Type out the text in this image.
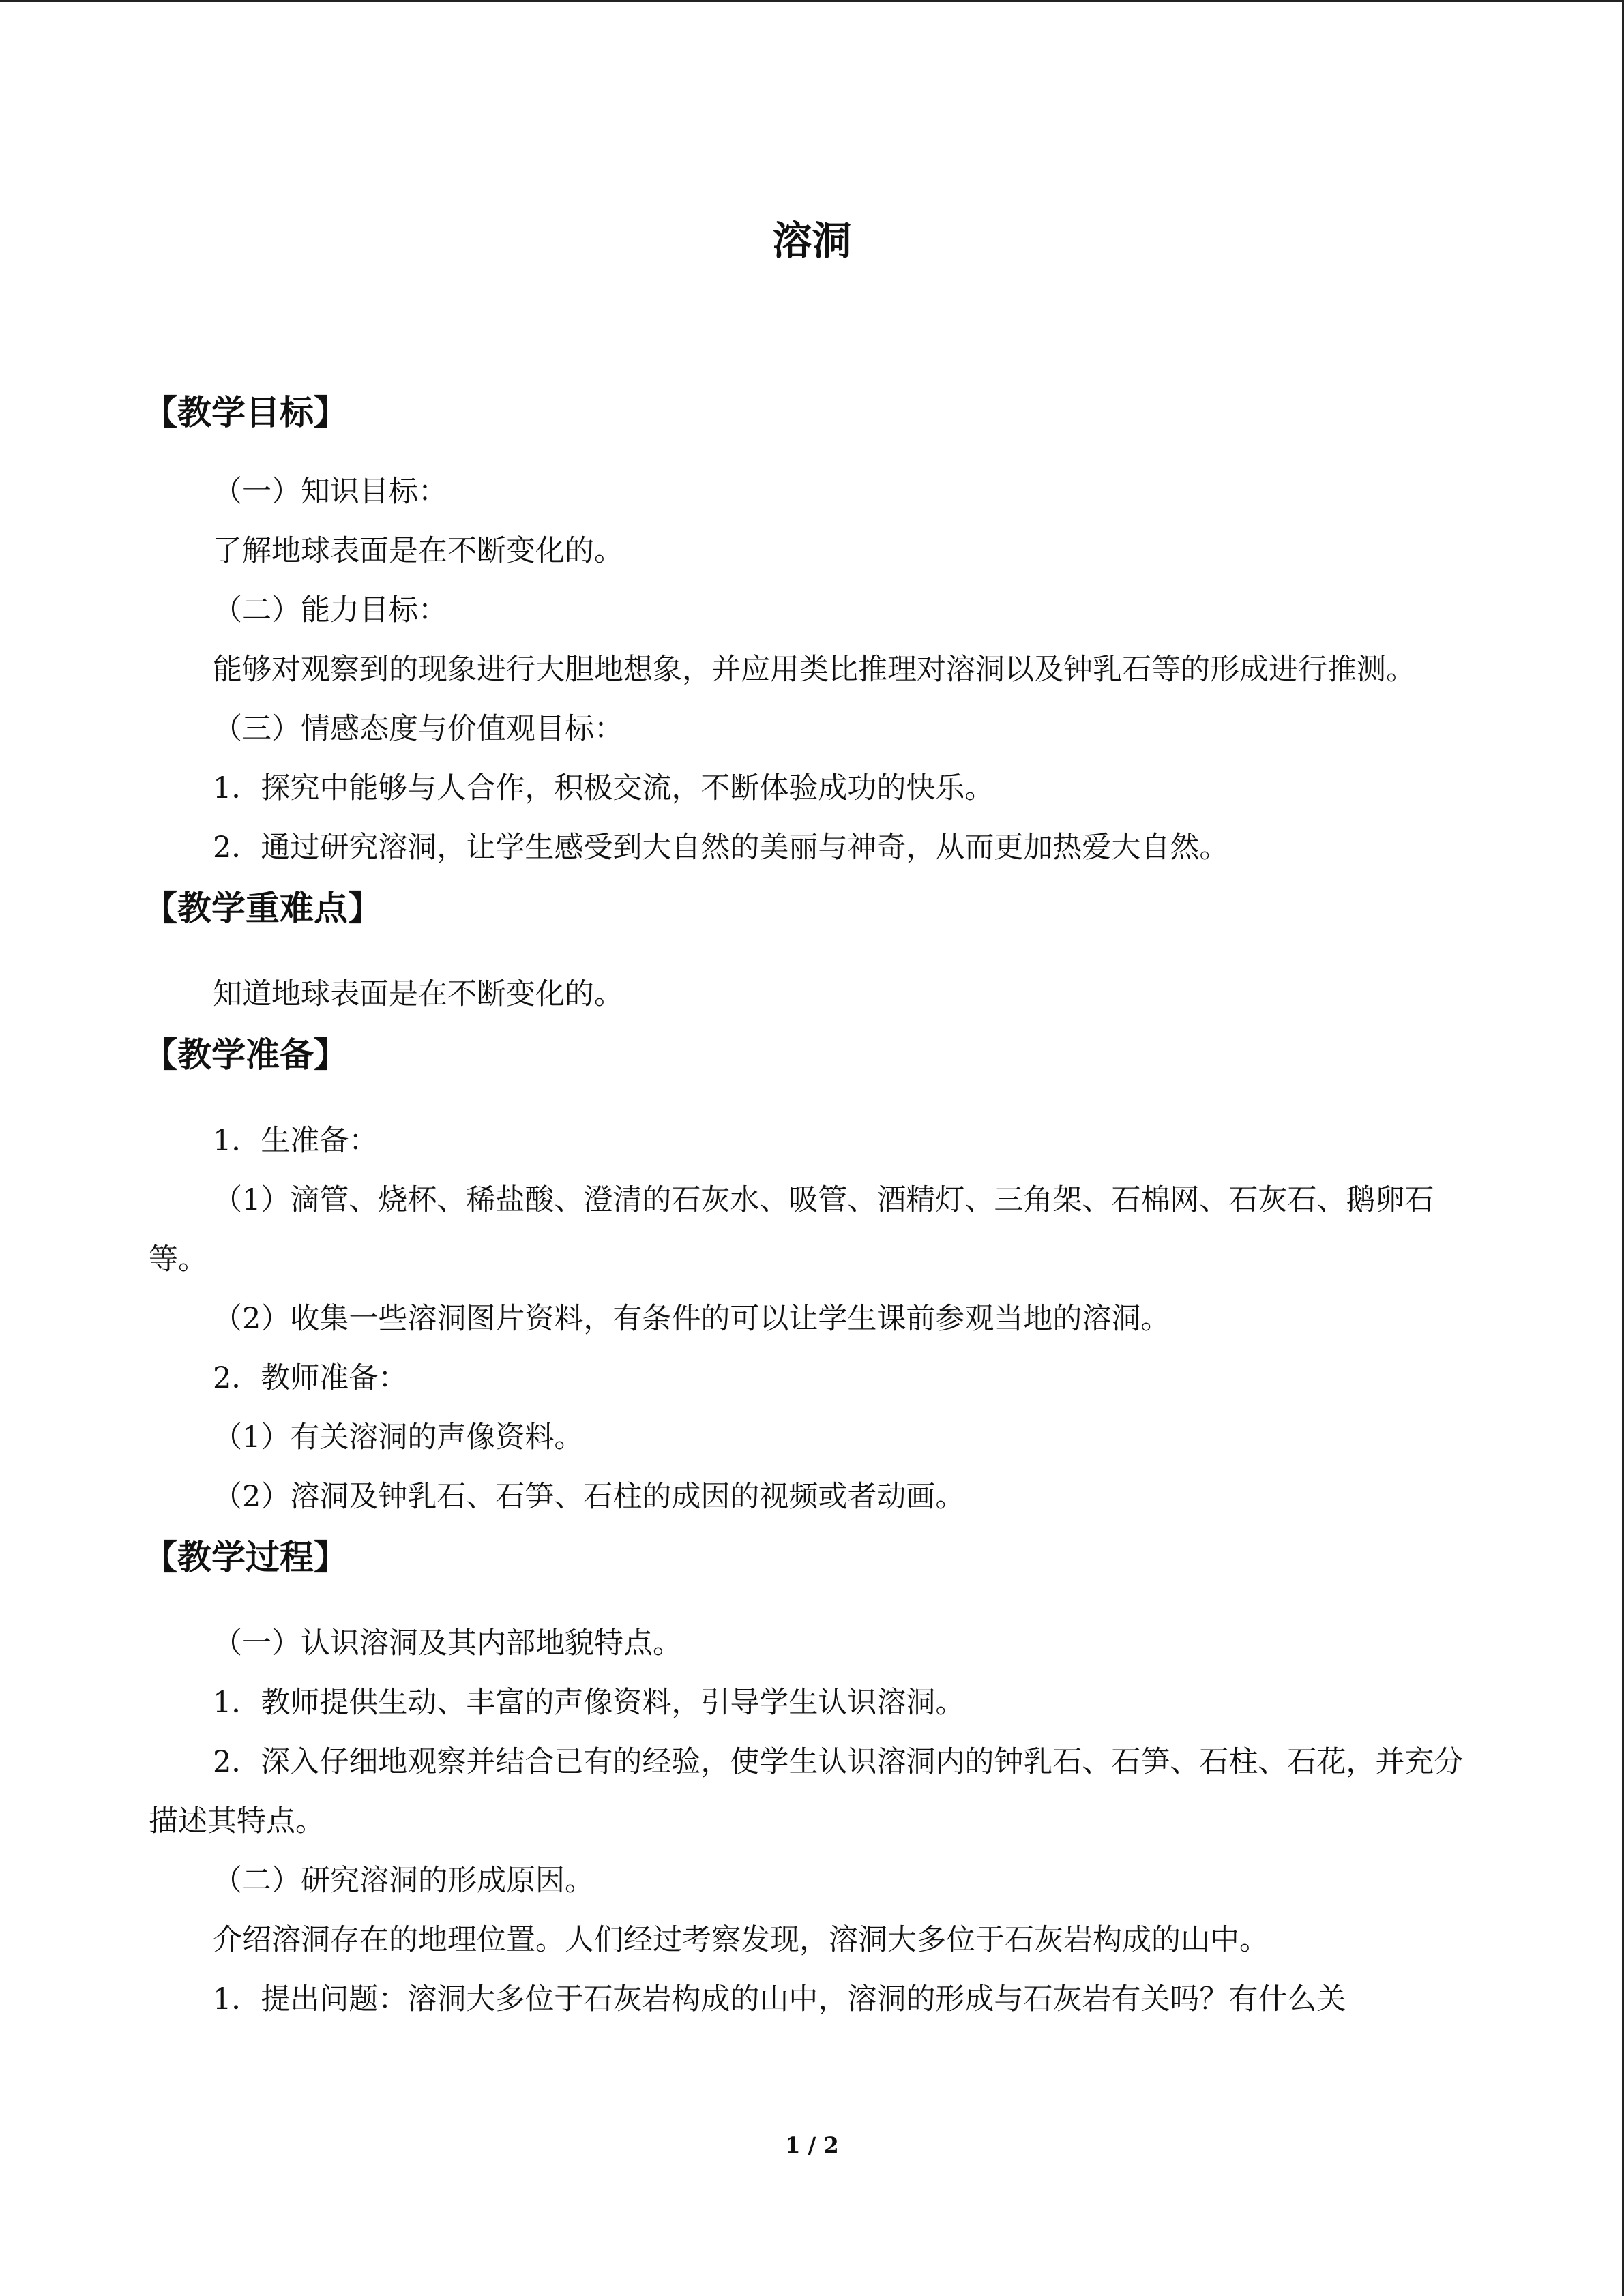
溶洞
【教学目标】

（一）知识目标：

了解地球表面是在不断变化的。

（二）能力目标：

能够对观察到的现象进行大胆地想象，并应用类比推理对溶洞以及钟乳石等的形成进行推测。

（三）情感态度与价值观目标：

1．探究中能够与人合作，积极交流，不断体验成功的快乐。

2．通过研究溶洞，让学生感受到大自然的美丽与神奇，从而更加热爱大自然。

【教学重难点】

知道地球表面是在不断变化的。

【教学准备】

1．生准备：

（1）滴管、烧杯、稀盐酸、澄清的石灰水、吸管、酒精灯、三角架、石棉网、石灰石、鹅卵石等。

（2）收集一些溶洞图片资料，有条件的可以让学生课前参观当地的溶洞。

2．教师准备：

（1）有关溶洞的声像资料。

（2）溶洞及钟乳石、石笋、石柱的成因的视频或者动画。

【教学过程】

（一）认识溶洞及其内部地貌特点。

1．教师提供生动、丰富的声像资料，引导学生认识溶洞。

2．深入仔细地观察并结合已有的经验，使学生认识溶洞内的钟乳石、石笋、石柱、石花，并充分描述其特点。

（二）研究溶洞的形成原因。

介绍溶洞存在的地理位置。人们经过考察发现，溶洞大多位于石灰岩构成的山中。

1．提出问题：溶洞大多位于石灰岩构成的山中，溶洞的形成与石灰岩有关吗？有什么关

1 / 2
